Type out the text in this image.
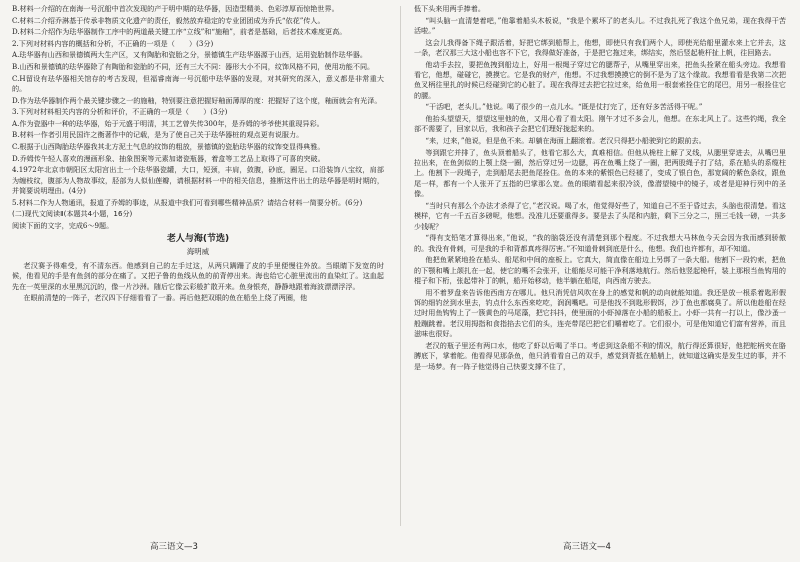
B.材料一介绍的在南海一号沉船中首次发现的产于明中期的珐华器，因造型精美、色彩淳厚而惊艳世界。

C.材料二介绍乔淋基于传承非物质文化遗产的责任，毅然放弃稳定的专业团团成为乔氏“依花”传人。

D.材料二介绍作为珐华器制作工序中的两道最关键工序“立线”和“施釉”，前者是基础，后者技术难度更高。

2.下列对材料内容的概括和分析，不正确的一项是（　　）(3分)

A.珐华器有山西和景德镇两大生产区，又有陶胎和瓷胎之分，景德镇生产珐华器源于山西，运用瓷胎制作珐华器。

B.山西和景德镇的珐华器除了有陶胎和瓷胎的不同，还有三大不同：器形大小不同，纹饰风格不同，使用功能不同。

C.H留设有珐华器相关馆存的考古发现，但福睿南海一号沉船中珐华器的发现，对其研究的深入，意义都是非常重大的。

D.作为珐华器制作两个最关键步骤之一的施釉，特别要注意把握好釉面薄厚的度：把握好了这个度，釉面就会有光泽。

3.下列对材料相关内容的分析和评价，不正确的一项是（　　）(3分)

A.作为瓷器中一种的珐华器，始于元盛于明清，其工艺曾失传300年，是乔姆的爷爷使其重现异彩。

B.材料一作者引用民国许之衡著作中的记载，是为了使自己关于珐华器桩的观点更有说服力。

C.根据于山西陶胎珐华器我其北方泥土气息的纹饰的粗放，景德镇的瓷胎珐华器的纹饰变显得典雅。

D.乔姆传午轻人喜欢的漫画形象、抽象图案等元素加诸瓷瓶器，着盒等工艺品上取得了可喜的突破。

4.1972年北京市朝阳区太阳宫出土一个珐华器瓷罐，大口，短颈，丰肩，敛腹，砂底，圈足。口沿装饰八宝纹，肩部为缠枝纹，腹部为人物故事纹，胫部为人似仙莲瓣，请根据材料一中的相关信息，推断这件出土的珐华器是明时期的，并简要说明理由。(4分)

5.材料二作为人物通讯，报道了乔姆的事迹，从报道中我们可看到哪些精神品质？请结合材料一简要分析。(6分)

(二)现代文阅读Ⅱ(本题共4小题，16分)

阅读下面的文字，完成6～9题。

老人与海(节选)

海明威

老汉赛予得难受，有不清东西。他感到自己的左手过这，从两只蹒跚了皮的手里便慢往外放。当眼睛下发宽的时候，他看见的手是有鱼剑的部分在痛了。又把子鲁的鱼线从鱼的前背停出来。海也给它心脏里流出的血染红了。这血起先在一英里深的水里黑沉沉的，像一片沙洲。随后它像云彩般扩散开来。鱼身银亮，静静地跟着海波漂漂浮浮。

在眼前清楚的一阵子，老汉四下仔细看看了一番。再后他把双眼的鱼在船坐上绕了两圈，他

低下头来用两手捧着。

“叫头脑一直清楚着吧，”他靠着船头木板说，“我是个累坏了的老头儿。不过我扎死了我这个鱼兄弟，现在我得干苦活啦。”

这会儿我得备下绳子跟活着，好把它绑到船帮上，他想，即使只有我们两个人，即使光给船里灌水来上它并去，这一条，老汉那三大这小船也容不下它，我得做好准备，于是把它拖过来，绑结实，然后竖起桅杆扯上帆，往回路去。

他动手去拉，要把鱼拽到船边上，好用一根绳子穿过它的腮帮子，从嘴里穿出来，把鱼头拴紧在船头旁边。我想看看它，他想，碰碰它，摸摸它。它是我的财产，他想。不过我想摸摸它的倒不是为了这个缘故。我想看看是我第二次把鱼叉柄往里扎的时候已经碰到它的心脏了。现在我得过去把它拉过来，给鱼用一根套索拴住它的尾巴，用另一根拴住它的腰。

“干活吧，老头儿。”他说。喝了很少的一点儿水。“既是仗打完了，还有好多苦活得干呢。”

他抬头望望天，望望这里他的鱼，又用心看了看太阳。刚午才过不多会儿，他想。在东北风上了。这些钓绳，我全部不需要了，回家以后，我和孩子会把它们理好拢起来的。

“来，过来，”他说，但是鱼不来。却躺在海面上翻滚着。老汉只得把小船驶到它的跟前去。

等到跟它并排了，鱼头顶着船头了，他看它那么大，真难相信。但他从桅柱上解了叉线，从腮里穿进去，从嘴巴里拉出来，在鱼剑似的上颚上绕一圈，然后穿过另一边腮，再在鱼嘴上绕了一圈，把两股绳子打了结，系在船头的系缆柱上。他割下一段绳子，走到船尾去把鱼尾拴住。鱼的本来的紫银色已经褪了，变成了银白色，那宽阔的紫色条纹，跟鱼尾一样，都有一个人张开了五指的巴掌那么宽。鱼的眼睛看起来很冷淡，像潜望镜中的镜子，或者是迎神行列中的圣像。

“当时只有那么个办法才杀得了它，”老汉说。喝了水，他觉得好些了，知道自己不至于昏过去，头脑也很清楚。看这模样，它有一千五百多磅呢，他想。没准儿还要重得多。要是去了头尾和内脏，剩下三分之二，照三毛钱一磅，一共多少钱呢？

“得有支铅笔才算得出来，”他说，“我的脑袋还没有清楚到那个程度。不过我想大马林鱼今天会因为我而感到骄傲的。我没有骨刺，可是我的手和背都真疼得厉害。”不知道骨刺到底是什么，他想。我们也许都有，却不知道。

他把鱼紧紧地拴在船头、船尾和中间的座板上。它真大，简直像在船边上另绑了一条大船。他割下一段钓索，把鱼的下颚和嘴上颌扎在一起，使它的嘴不会张开，让船能尽可能干净利落地航行。然后他竖起桅杆，装上那根当鱼钩用的棍子和下桁，张起带补丁的帆，船开始移动，他半躺在船尾，向西南方驶去。

用不着罗盘来告诉他西南方在哪儿。他只消凭信风吹在身上的感觉和帆的动向就能知道。我还是放一根系着匙形假饵的细钓丝到水里去，钓点什么东西来吃吃，润润嘴吧。可是他找不到匙形假饵，沙丁鱼也都腐臭了。所以他趁船在经过时用鱼钩钩上了一簇黄色的马尾藻，把它抖抖，使里面的小虾掉落在小船的船板上。小虾一共有一打以上，像沙蚤一般蹦跳着。老汉用拇指和食指掐去它们的头，连壳带尾巴把它们嚼着吃了。它们很小，可是他知道它们富有营养，而且滋味也很好。

老汉的瓶子里还有两口水，他吃了虾以后喝了半口。考虑到这条船不利的情况，航行得还算很好，他把舵柄夹在胳膊底下，掌着舵。他看得见那条鱼，他只消看看自己的双手，感觉到背抵在船艄上，就知道这确实是发生过的事，并不是一场梦。有一阵子他觉得自己快要支撑不住了，

高三语文—3	高三语文—4
